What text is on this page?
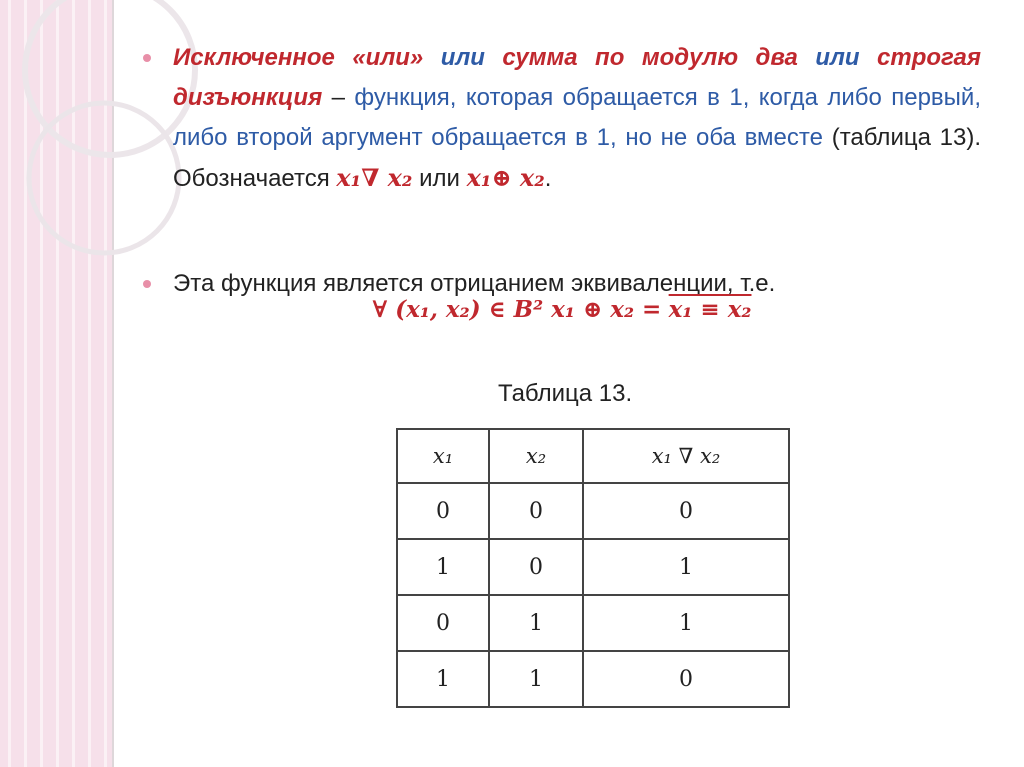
Исключенное «или» или сумма по модулю два или строгая дизъюнкция – функция, которая обращается в 1, когда либо первый, либо второй аргумент обращается в 1, но не оба вместе (таблица 13). Обозначается x₁∇ x₂ или x₁⊕ x₂.
Эта функция является отрицанием эквиваленции, т.е.
∀ (x₁, x₂) ∈ B² x₁ ⊕ x₂ = x₁ ≡ x₂
Таблица 13.
x₁	x₂	x₁ ∇ x₂
0	0	0
1	0	1
0	1	1
1	1	0
